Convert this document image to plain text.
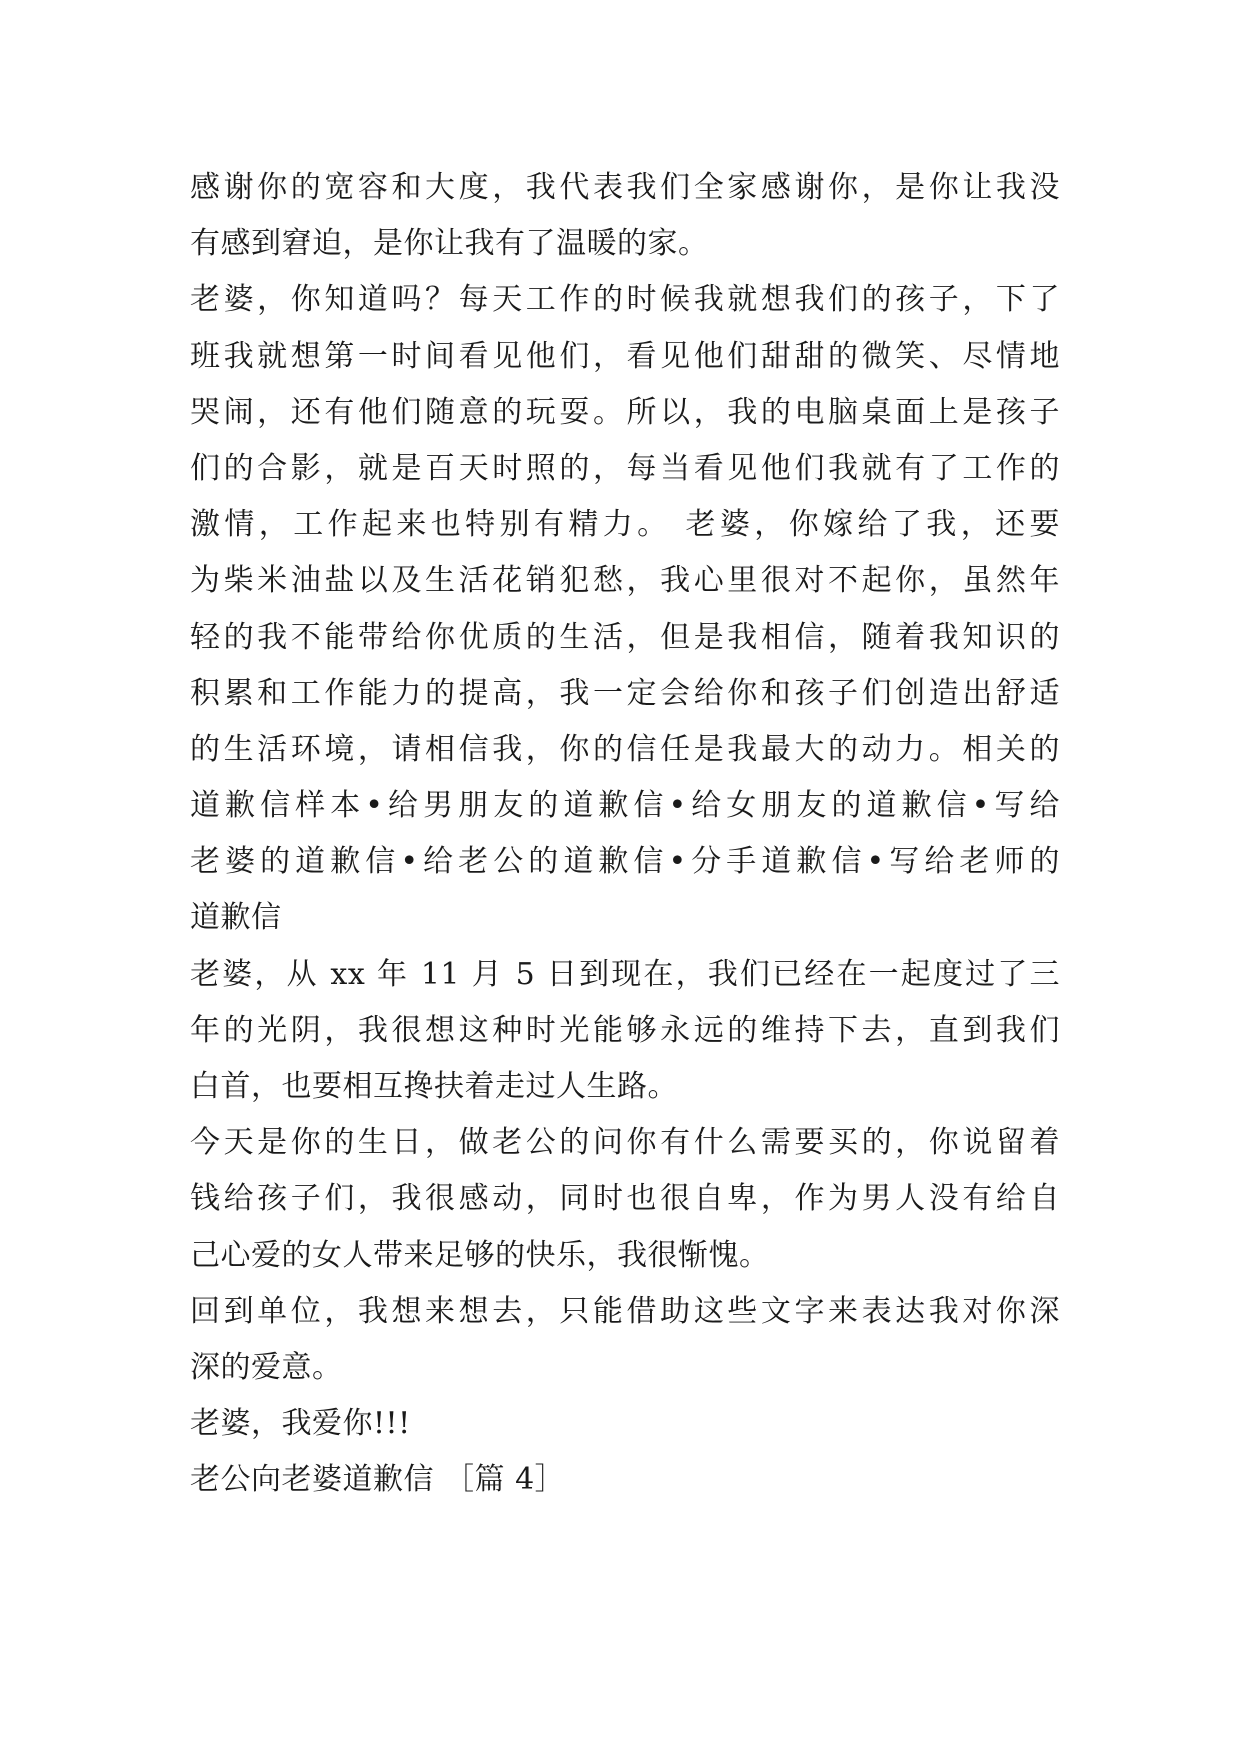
感谢你的宽容和大度，我代表我们全家感谢你，是你让我没
有感到窘迫，是你让我有了温暖的家。
老婆，你知道吗？每天工作的时候我就想我们的孩子，下了
班我就想第一时间看见他们，看见他们甜甜的微笑、尽情地
哭闹，还有他们随意的玩耍。所以，我的电脑桌面上是孩子
们的合影，就是百天时照的，每当看见他们我就有了工作的
激情，工作起来也特别有精力。 老婆，你嫁给了我，还要
为柴米油盐以及生活花销犯愁，我心里很对不起你，虽然年
轻的我不能带给你优质的生活，但是我相信，随着我知识的
积累和工作能力的提高，我一定会给你和孩子们创造出舒适
的生活环境，请相信我，你的信任是我最大的动力。相关的
道歉信样本•给男朋友的道歉信•给女朋友的道歉信•写给
老婆的道歉信•给老公的道歉信•分手道歉信•写给老师的
道歉信
老婆，从 xx 年 11 月 5 日到现在，我们已经在一起度过了三
年的光阴，我很想这种时光能够永远的维持下去，直到我们
白首，也要相互搀扶着走过人生路。
今天是你的生日，做老公的问你有什么需要买的，你说留着
钱给孩子们，我很感动，同时也很自卑，作为男人没有给自
己心爱的女人带来足够的快乐，我很惭愧。
回到单位，我想来想去，只能借助这些文字来表达我对你深
深的爱意。
老婆，我爱你!!!
老公向老婆道歉信 ［篇 4］
